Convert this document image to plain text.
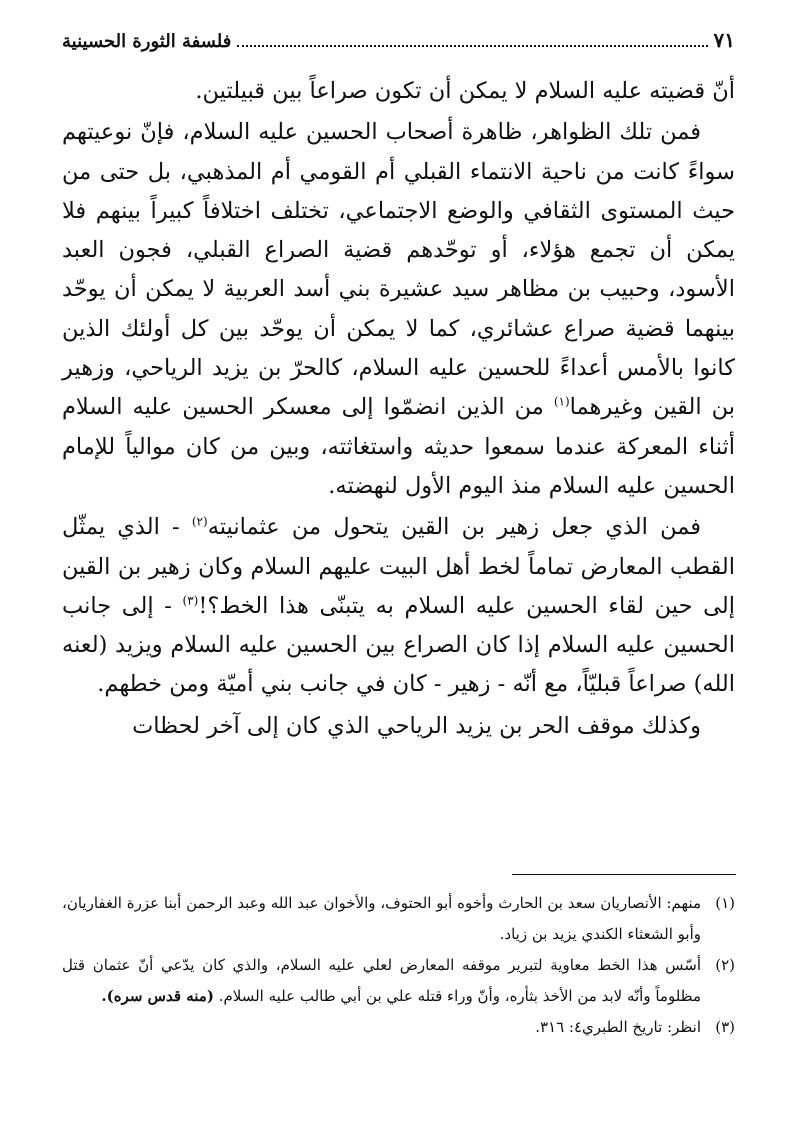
٧١
فلسفة الثورة الحسينية

أنّ قضيته عليه السلام لا يمكن أن تكون صراعاً بين قبيلتين.

فمن تلك الظواهر، ظاهرة أصحاب الحسين عليه السلام، فإنّ نوعيتهم سواءً كانت من ناحية الانتماء القبلي أم القومي أم المذهبي، بل حتى من حيث المستوى الثقافي والوضع الاجتماعي، تختلف اختلافاً كبيراً بينهم فلا يمكن أن تجمع هؤلاء، أو توحّدهم قضية الصراع القبلي، فجون العبد الأسود، وحبيب بن مظاهر سيد عشيرة بني أسد العربية لا يمكن أن يوحّد بينهما قضية صراع عشائري، كما لا يمكن أن يوحّد بين كل أولئك الذين كانوا بالأمس أعداءً للحسين عليه السلام، كالحرّ بن يزيد الرياحي، وزهير بن القين وغيرهما$^{(١)}$ من الذين انضمّوا إلى معسكر الحسين عليه السلام أثناء المعركة عندما سمعوا حديثه واستغاثته، وبين من كان موالياً للإمام الحسين عليه السلام منذ اليوم الأول لنهضته.

فمن الذي جعل زهير بن القين يتحول من عثمانيته$^{(٢)}$ - الذي يمثّل القطب المعارض تماماً لخط أهل البيت عليهم السلام وكان زهير بن القين إلى حين لقاء الحسين عليه السلام به يتبنّى هذا الخط؟!$^{(٣)}$ - إلى جانب الحسين عليه السلام إذا كان الصراع بين الحسين عليه السلام ويزيد (لعنه الله) صراعاً قبليّاً، مع أنّه - زهير - كان في جانب بني أميّة ومن خطهم.

وكذلك موقف الحر بن يزيد الرياحي الذي كان إلى آخر لحظات

(١)منهم: الأنصاريان سعد بن الحارث وأخوه أبو الحتوف، والأخوان عبد الله وعبد الرحمن أبنا عزرة الغفاريان، وأبو الشعثاء الكندي يزيد بن زياد.

(٢)أسّس هذا الخط معاوية لتبرير موقفه المعارض لعلي عليه السلام، والذي كان يدّعي أنّ عثمان قتل مظلوماً وأنّه لابد من الأخذ بثأره، وأنّ وراء قتله علي بن أبي طالب عليه السلام. (منه قدس سره).

(٣)انظر: تاريخ الطبري٤: ٣١٦.
